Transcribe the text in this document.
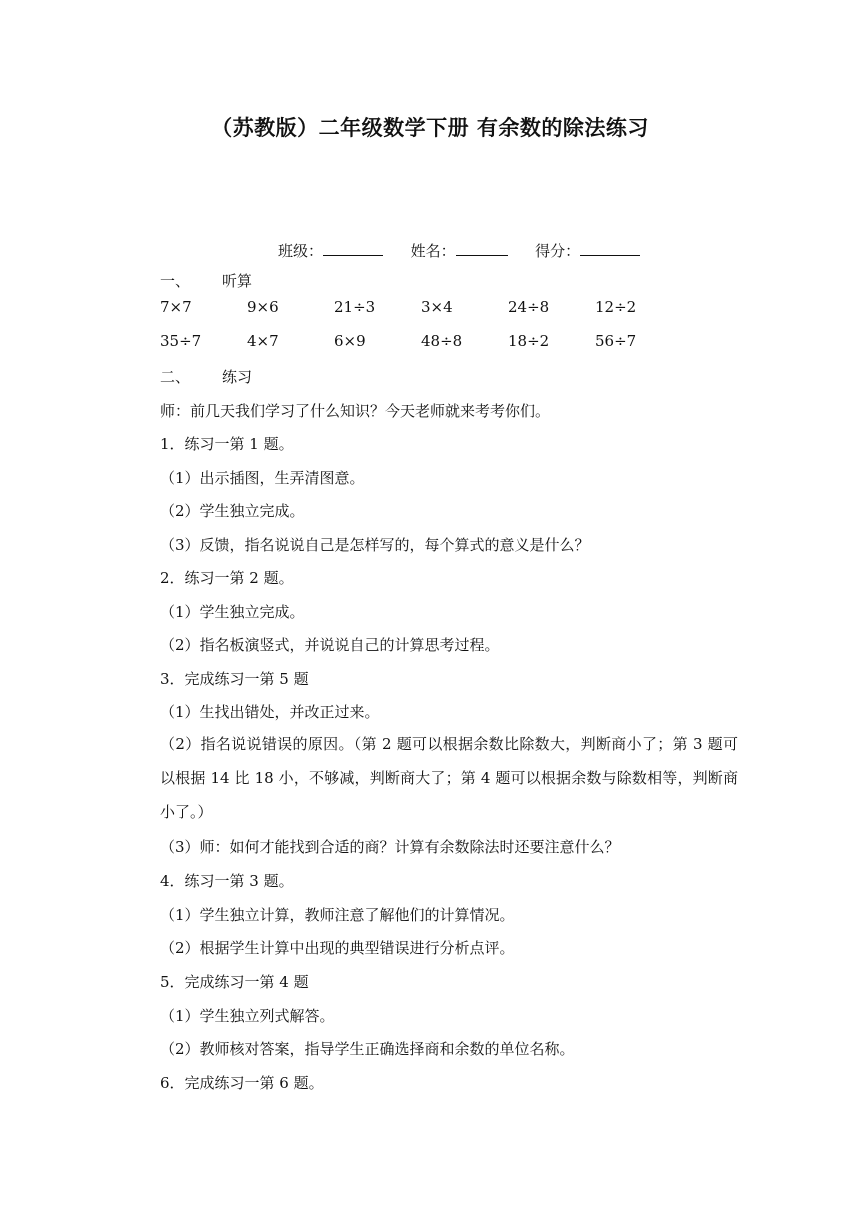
（苏教版）二年级数学下册 有余数的除法练习
班级：	姓名：	得分：
一、 听算
7×7	9×6	21÷3	3×4	24÷8	12÷2
35÷7	4×7	6×9	48÷8	18÷2	56÷7
二、 练习
师：前几天我们学习了什么知识？今天老师就来考考你们。
1．练习一第 1 题。
（1）出示插图，生弄清图意。
（2）学生独立完成。
（3）反馈，指名说说自己是怎样写的，每个算式的意义是什么？
2．练习一第 2 题。
（1）学生独立完成。
（2）指名板演竖式，并说说自己的计算思考过程。
3．完成练习一第 5 题
（1）生找出错处，并改正过来。
（2）指名说说错误的原因。（第 2 题可以根据余数比除数大，判断商小了；第 3 题可以根据 14 比 18 小，不够减，判断商大了；第 4 题可以根据余数与除数相等，判断商小了。）
（3）师：如何才能找到合适的商？计算有余数除法时还要注意什么？
4．练习一第 3 题。
（1）学生独立计算，教师注意了解他们的计算情况。
（2）根据学生计算中出现的典型错误进行分析点评。
5．完成练习一第 4 题
（1）学生独立列式解答。
（2）教师核对答案，指导学生正确选择商和余数的单位名称。
6．完成练习一第 6 题。
